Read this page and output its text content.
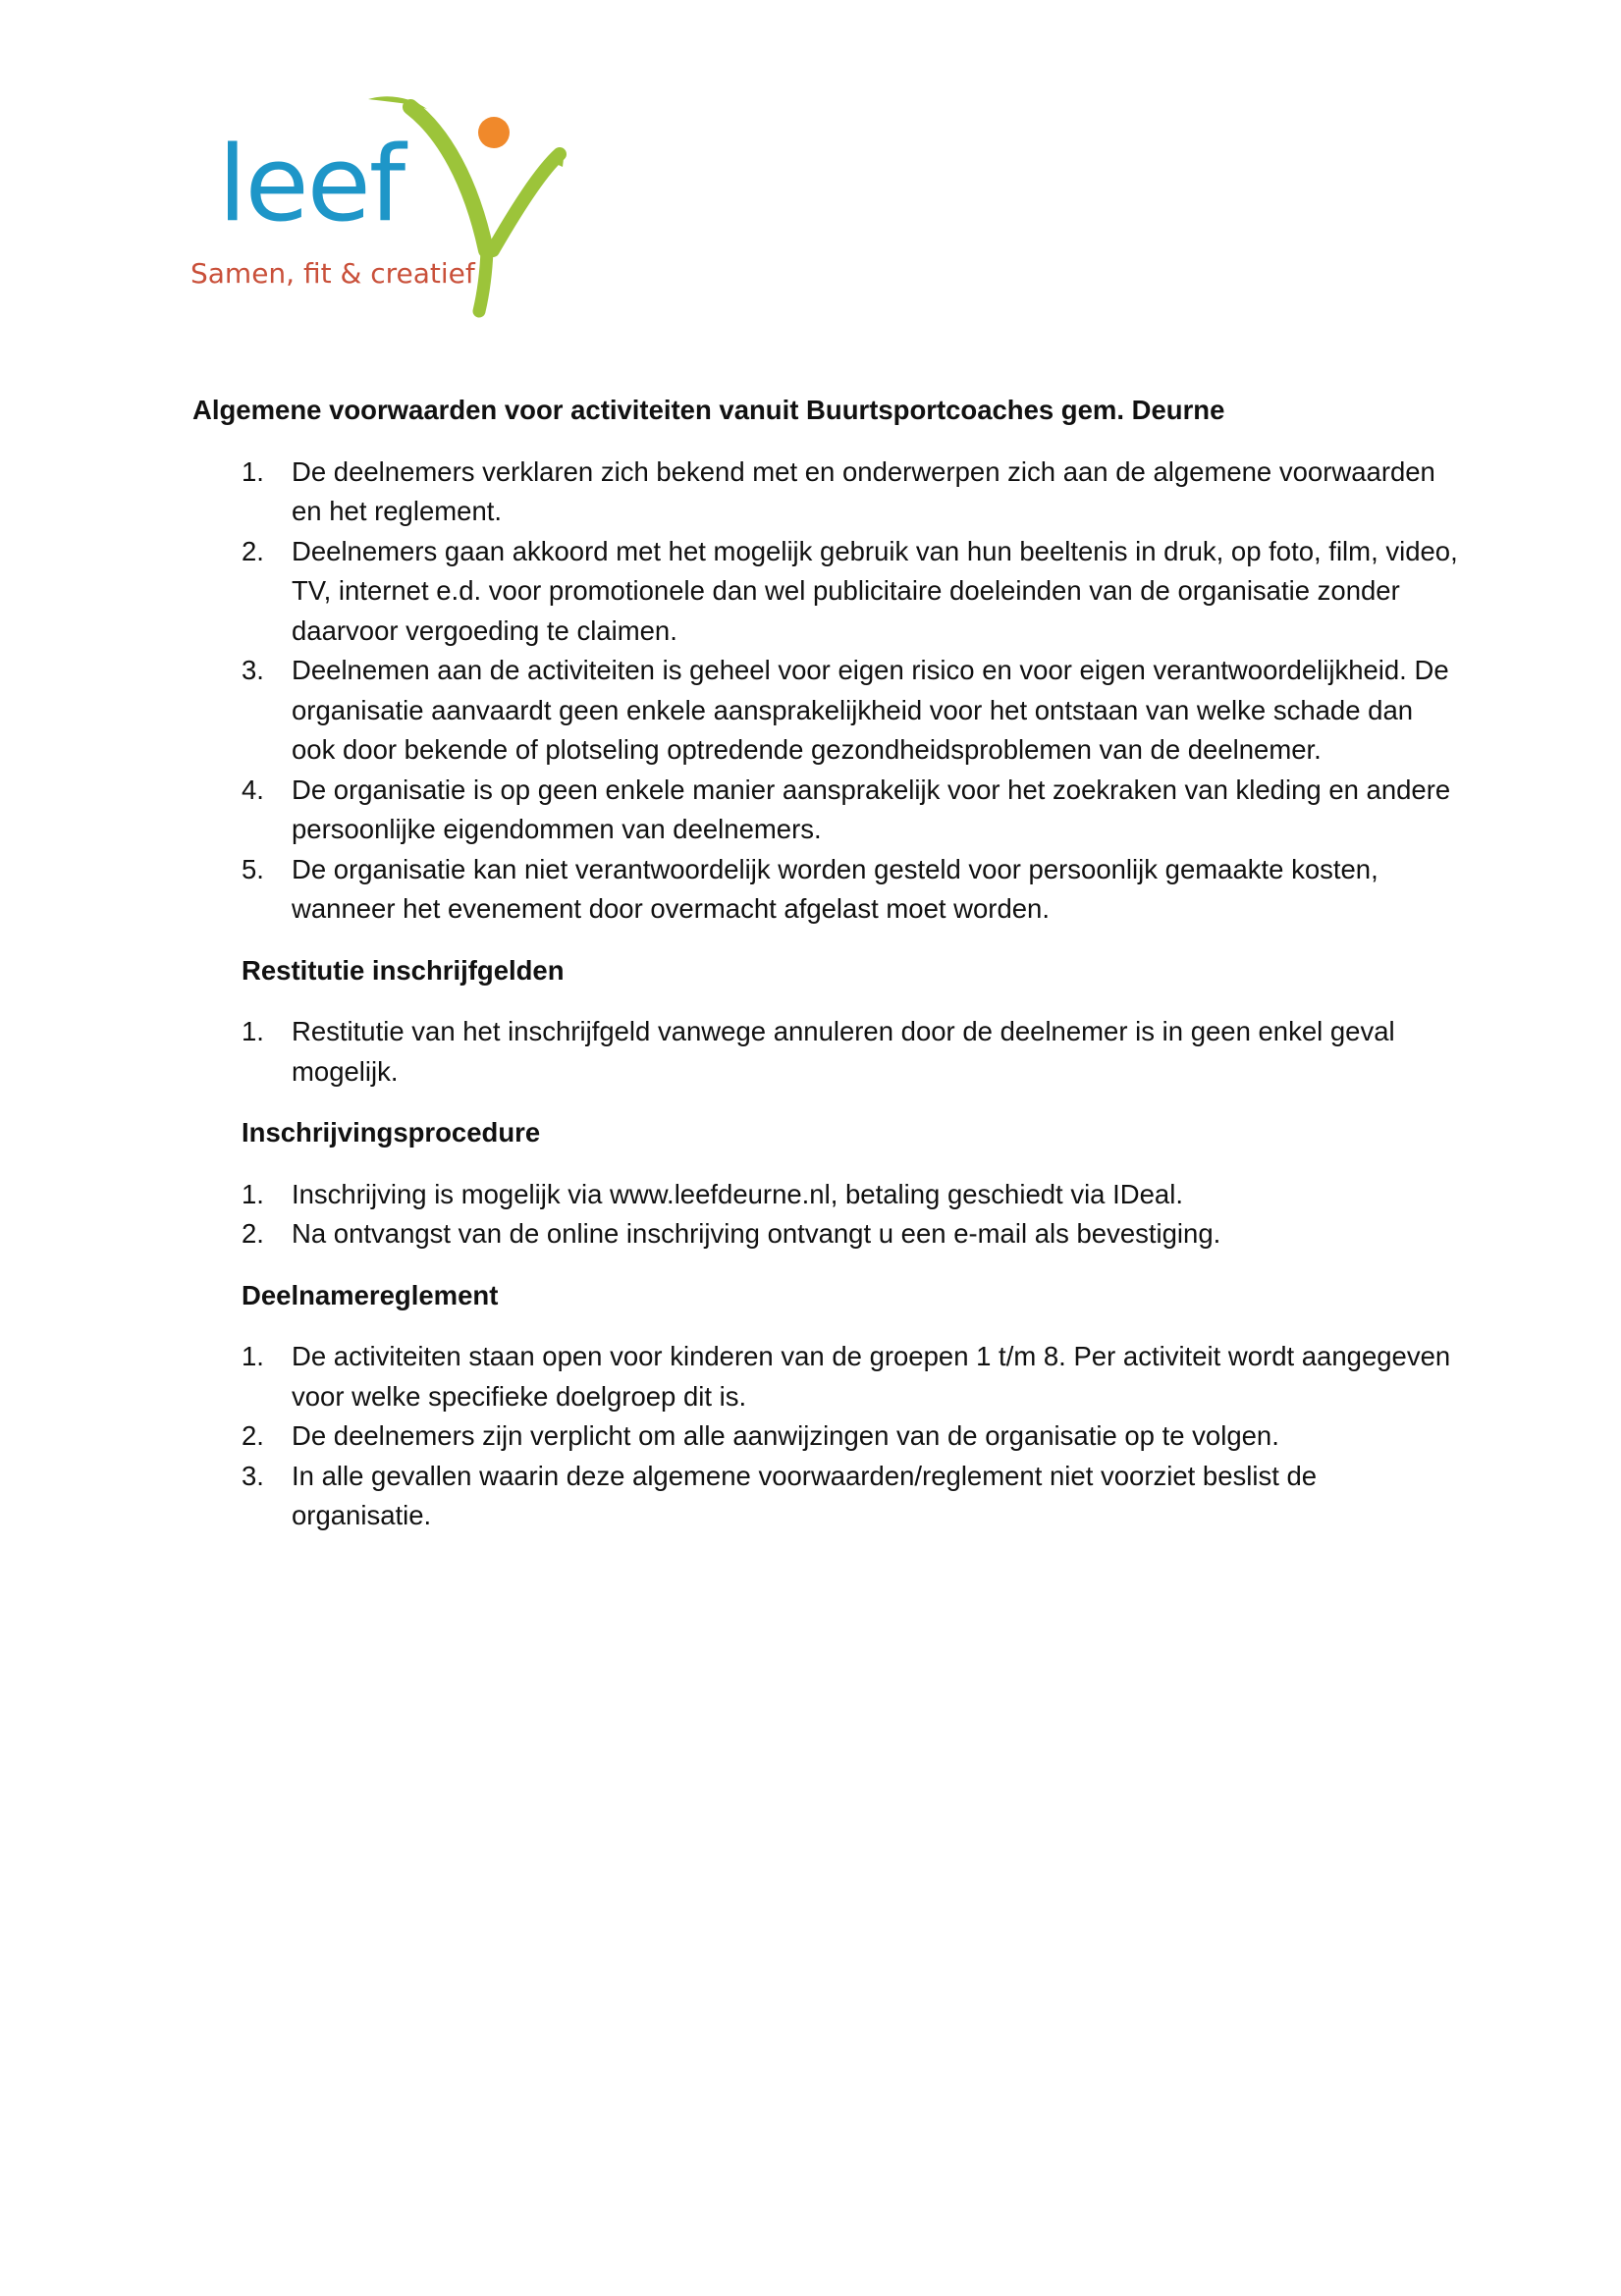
leef
Samen, fit & creatief
Algemene voorwaarden voor activiteiten vanuit Buurtsportcoaches gem. Deurne
1. De deelnemers verklaren zich bekend met en onderwerpen zich aan de algemene voorwaarden en het reglement.
2. Deelnemers gaan akkoord met het mogelijk gebruik van hun beeltenis in druk, op foto, film, video, TV, internet e.d. voor promotionele dan wel publicitaire doeleinden van de organisatie zonder daarvoor vergoeding te claimen.
3. Deelnemen aan de activiteiten is geheel voor eigen risico en voor eigen verantwoordelijkheid. De organisatie aanvaardt geen enkele aansprakelijkheid voor het ontstaan van welke schade dan ook door bekende of plotseling optredende gezondheidsproblemen van de deelnemer.
4. De organisatie is op geen enkele manier aansprakelijk voor het zoekraken van kleding en andere persoonlijke eigendommen van deelnemers.
5. De organisatie kan niet verantwoordelijk worden gesteld voor persoonlijk gemaakte kosten, wanneer het evenement door overmacht afgelast moet worden.
Restitutie inschrijfgelden
1. Restitutie van het inschrijfgeld vanwege annuleren door de deelnemer is in geen enkel geval mogelijk.
Inschrijvingsprocedure
1. Inschrijving is mogelijk via www.leefdeurne.nl, betaling geschiedt via IDeal.
2. Na ontvangst van de online inschrijving ontvangt u een e-mail als bevestiging.
Deelnamereglement
1. De activiteiten staan open voor kinderen van de groepen 1 t/m 8. Per activiteit wordt aangegeven voor welke specifieke doelgroep dit is.
2. De deelnemers zijn verplicht om alle aanwijzingen van de organisatie op te volgen.
3. In alle gevallen waarin deze algemene voorwaarden/reglement niet voorziet beslist de organisatie.
